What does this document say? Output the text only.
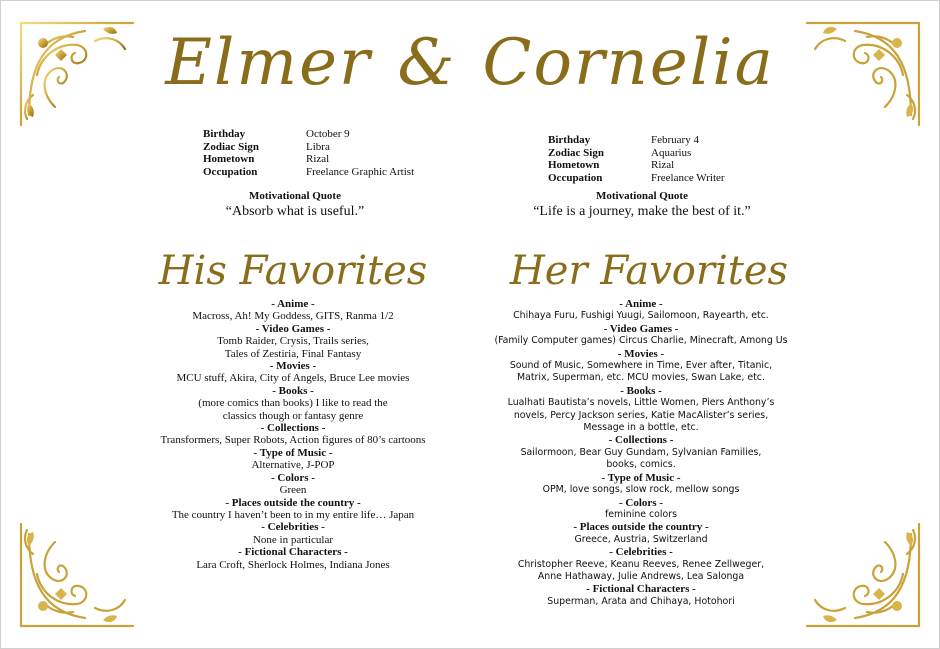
Elmer & Cornelia
Birthday
Zodiac Sign
Hometown
Occupation
October 9
Libra
Rizal
Freelance Graphic Artist
Birthday
Zodiac Sign
Hometown
Occupation
February 4
Aquarius
Rizal
Freelance Writer
Motivational Quote
“Absorb what is useful.”
Motivational Quote
“Life is a journey, make the best of it.”
His Favorites	Her Favorites
- Anime -
Macross, Ah! My Goddess, GITS, Ranma 1/2
- Video Games -
Tomb Raider, Crysis, Trails series,
Tales of Zestiria, Final Fantasy
- Movies -
MCU stuff, Akira, City of Angels, Bruce Lee movies
- Books -
(more comics than books) I like to read the
classics though or fantasy genre
- Collections -
Transformers, Super Robots, Action figures of 80’s cartoons
- Type of Music -
Alternative, J-POP
- Colors -
Green
- Places outside the country -
The country I haven’t been to in my entire life… Japan
- Celebrities -
None in particular
- Fictional Characters -
Lara Croft, Sherlock Holmes, Indiana Jones
- Anime -
Chihaya Furu, Fushigi Yuugi, Sailomoon, Rayearth, etc.
- Video Games -
(Family Computer games) Circus Charlie, Minecraft, Among Us
- Movies -
Sound of Music, Somewhere in Time, Ever after, Titanic,
Matrix, Superman, etc. MCU movies, Swan Lake, etc.
- Books -
Lualhati Bautista’s novels, Little Women, Piers Anthony’s
novels, Percy Jackson series, Katie MacAlister’s series,
Message in a bottle, etc.
- Collections -
Sailormoon, Bear Guy Gundam, Sylvanian Families,
books, comics.
- Type of Music -
OPM, love songs, slow rock, mellow songs
- Colors -
feminine colors
- Places outside the country -
Greece, Austria, Switzerland
- Celebrities -
Christopher Reeve, Keanu Reeves, Renee Zellweger,
Anne Hathaway, Julie Andrews, Lea Salonga
- Fictional Characters -
Superman, Arata and Chihaya, Hotohori
